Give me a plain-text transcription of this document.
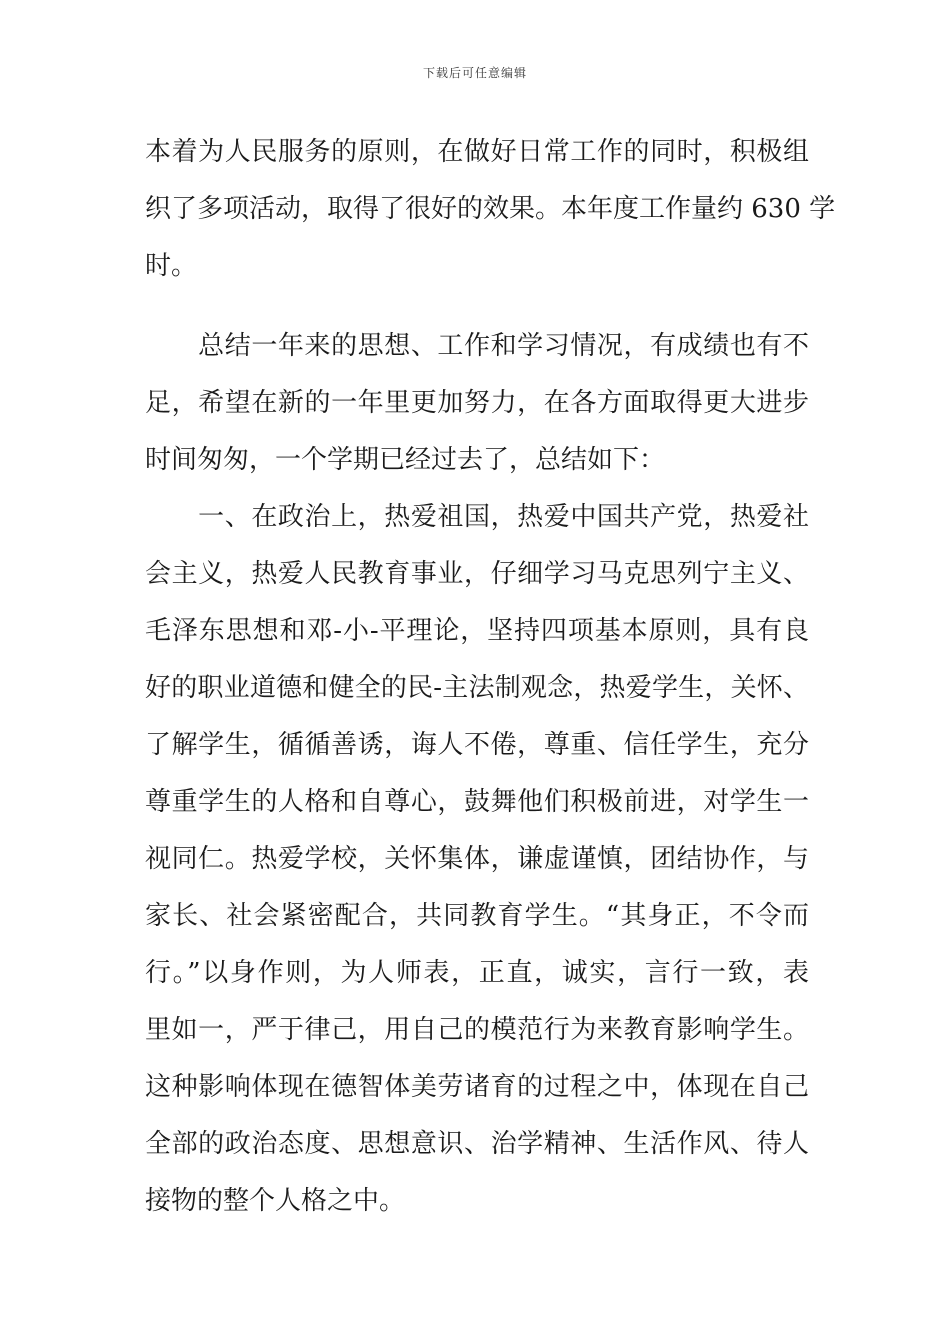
下载后可任意编辑
本着为人民服务的原则，在做好日常工作的同时，积极组
织了多项活动，取得了很好的效果。本年度工作量约 630 学
时。
　　总结一年来的思想、工作和学习情况，有成绩也有不
足，希望在新的一年里更加努力，在各方面取得更大进步
时间匆匆，一个学期已经过去了，总结如下：
　　一、在政治上，热爱祖国，热爱中国共产党，热爱社
会主义，热爱人民教育事业，仔细学习马克思列宁主义、
毛泽东思想和邓-小-平理论，坚持四项基本原则，具有良
好的职业道德和健全的民-主法制观念，热爱学生，关怀、
了解学生，循循善诱，诲人不倦，尊重、信任学生，充分
尊重学生的人格和自尊心，鼓舞他们积极前进，对学生一
视同仁。热爱学校，关怀集体，谦虚谨慎，团结协作，与
家长、社会紧密配合，共同教育学生。“其身正，不令而
行。”以身作则，为人师表，正直，诚实，言行一致，表
里如一，严于律己，用自己的模范行为来教育影响学生。
这种影响体现在德智体美劳诸育的过程之中，体现在自己
全部的政治态度、思想意识、治学精神、生活作风、待人
接物的整个人格之中。
